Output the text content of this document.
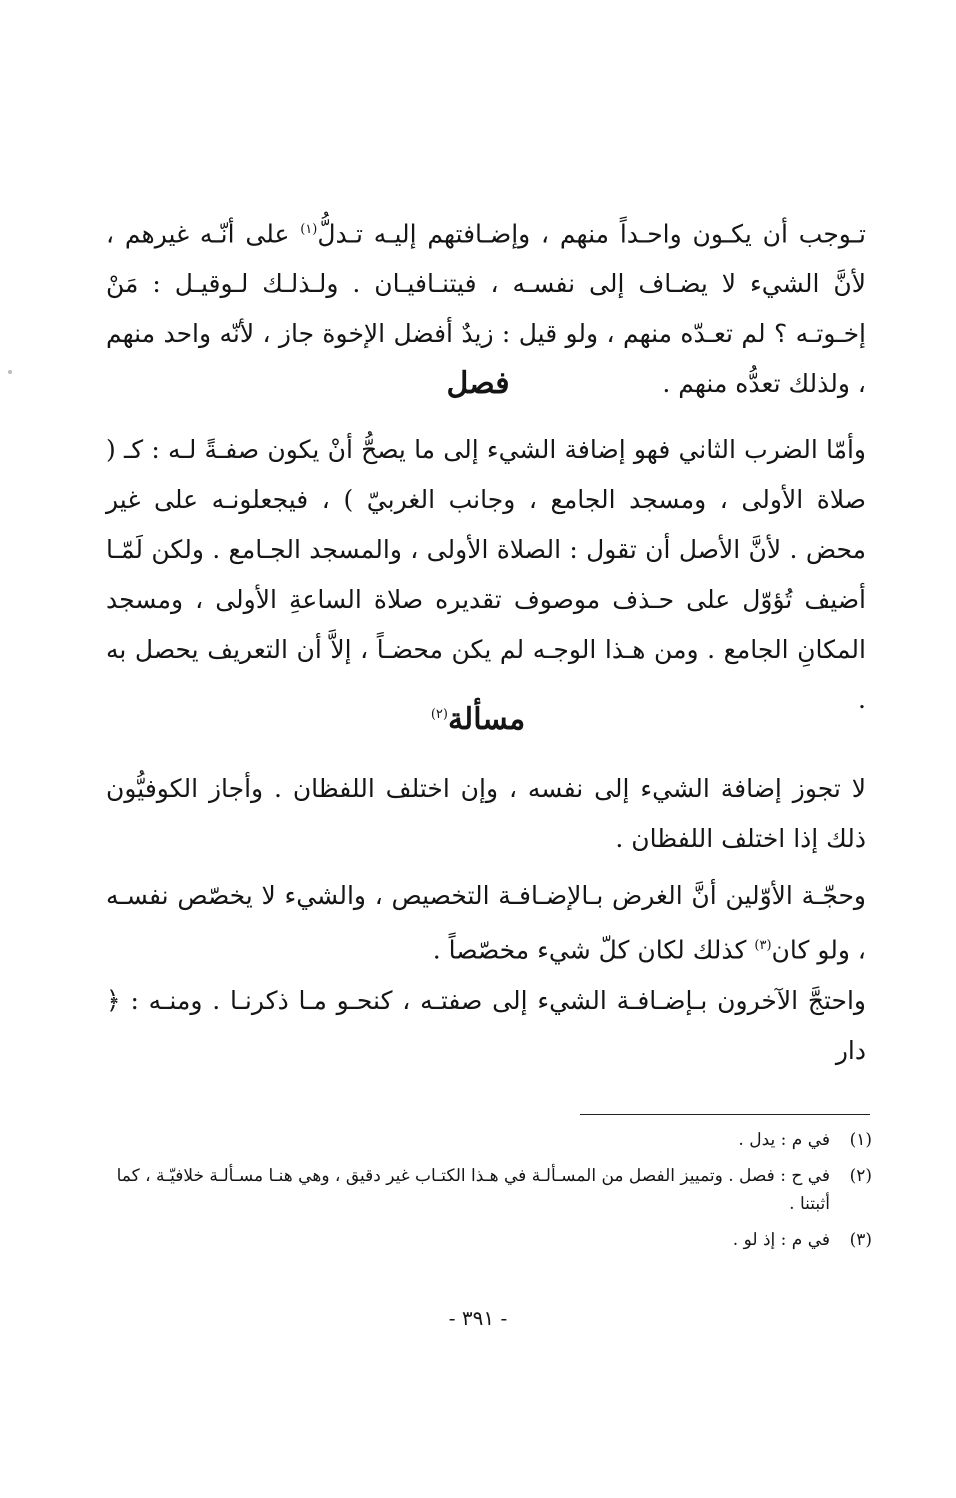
تـوجب أن يكـون واحـداً منهم ، وإضـافتهم إليـه تـدلُّ$^{(١)}$ على أنّـه غيرهم ، لأنَّ الشيء لا يضـاف إلى نفسـه ، فيتنـافيـان . ولـذلـك لـوقيـل : مَنْ إخـوتـه ؟ لم تعـدّه منهم ، ولو قيل : زيدٌ أفضل الإخوة جاز ، لأنّه واحد منهم ، ولذلك تعدُّه منهم .

فصل

وأمّا الضرب الثاني فهو إضافة الشيء إلى ما يصحُّ أنْ يكون صفـةً لـه : كـ ( صلاة الأولى ، ومسجد الجامع ، وجانب الغربيّ ) ، فيجعلونـه على غير محض . لأنَّ الأصل أن تقول : الصلاة الأولى ، والمسجد الجـامع . ولكن لَمّـا أضيف تُؤوّل على حـذف موصوف تقديره صلاة الساعةِ الأولى ، ومسجد المكانِ الجامع . ومن هـذا الوجـه لم يكن محضـاً ، إلاَّ أن التعريف يحصل به .

مسألة$^{(٢)}$

لا تجوز إضافة الشيء إلى نفسه ، وإن اختلف اللفظان . وأجاز الكوفيُّون ذلك إذا اختلف اللفظان .

وحجّـة الأوّلين أنَّ الغرض بـالإضـافـة التخصيص ، والشيء لا يخصّص نفسـه ، ولو كان$^{(٣)}$ كذلك لكان كلّ شيء مخصّصاً .

واحتجَّ الآخرون بـإضـافـة الشيء إلى صفتـه ، كنحـو مـا ذكرنـا . ومنـه : ﴿ دار

(١)
في م : يدل .
(٢)
في ح : فصل . وتمييز الفصل من المسـألـة في هـذا الكتـاب غير دقيق ، وهي هنـا مسـألـة خلافيّـة ، كما أثبتنا .
(٣)
في م : إذ لو .
- ٣٩١ -
